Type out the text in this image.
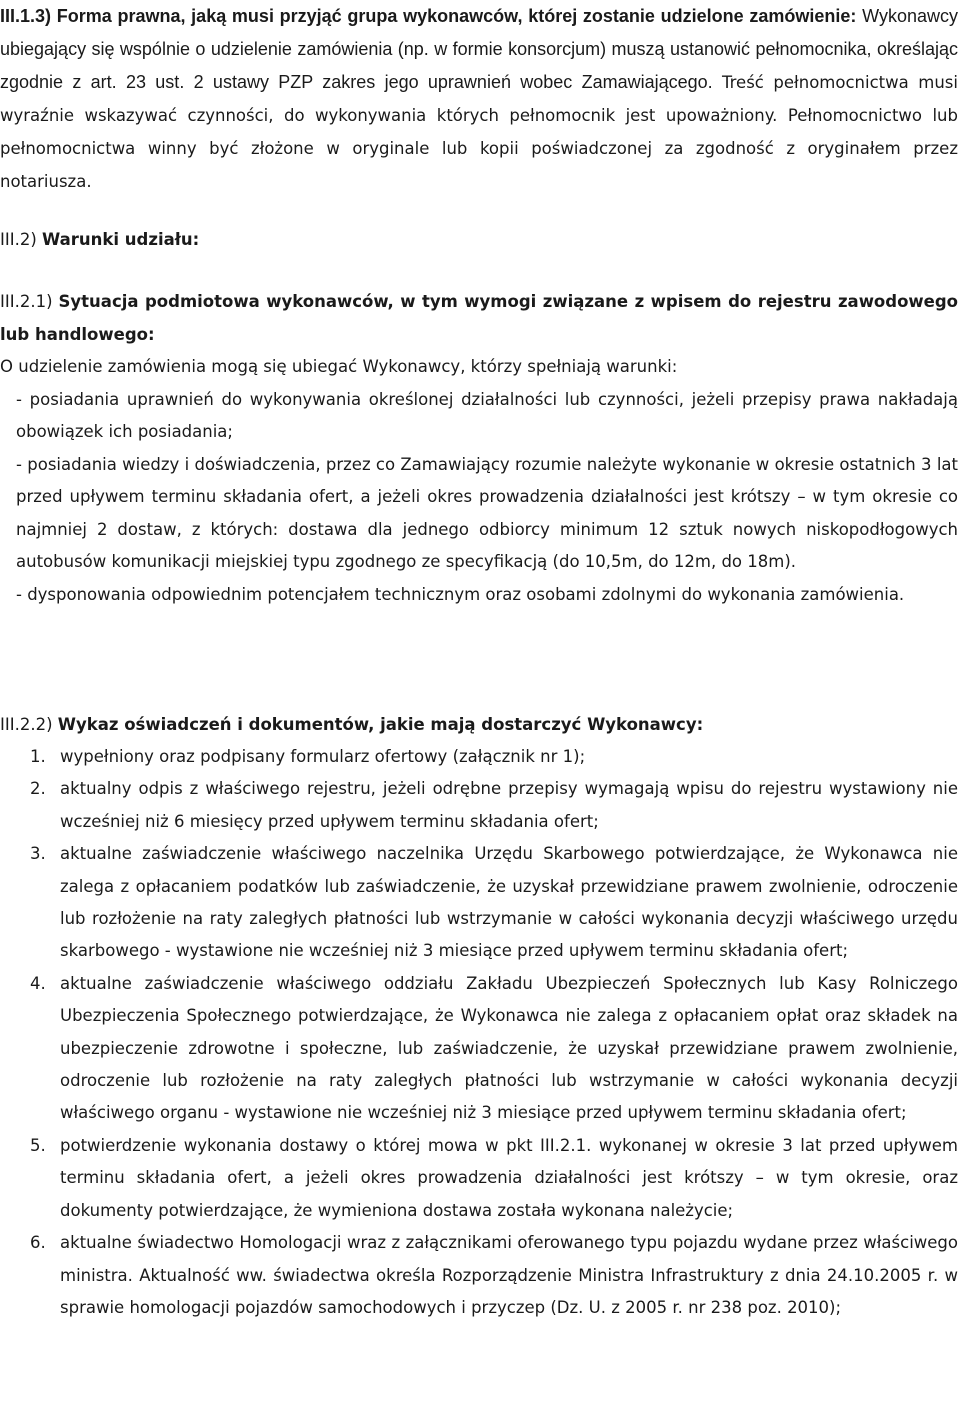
III.1.3) Forma prawna, jaką musi przyjąć grupa wykonawców, której zostanie udzielone zamówienie: Wykonawcy ubiegający się wspólnie o udzielenie zamówienia (np. w formie konsorcjum) muszą ustanowić pełnomocnika, określając zgodnie z art. 23 ust. 2 ustawy PZP zakres jego uprawnień wobec Zamawiającego. Treść pełnomocnictwa musi wyraźnie wskazywać czynności, do wykonywania których pełnomocnik jest upoważniony. Pełnomocnictwo lub pełnomocnictwa winny być złożone w oryginale lub kopii poświadczonej za zgodność z oryginałem przez notariusza.

III.2) Warunki udziału:

III.2.1) Sytuacja podmiotowa wykonawców, w tym wymogi związane z wpisem do rejestru zawodowego lub handlowego:

O udzielenie zamówienia mogą się ubiegać Wykonawcy, którzy spełniają warunki:

- posiadania uprawnień do wykonywania określonej działalności lub czynności, jeżeli przepisy prawa nakładają obowiązek ich posiadania;

- posiadania wiedzy i doświadczenia, przez co Zamawiający rozumie należyte wykonanie w okresie ostatnich 3 lat przed upływem terminu składania ofert, a jeżeli okres prowadzenia działalności jest krótszy – w tym okresie co najmniej 2 dostaw, z których: dostawa dla jednego odbiorcy minimum 12 sztuk nowych niskopodłogowych autobusów komunikacji miejskiej typu zgodnego ze specyfikacją (do 10,5m, do 12m, do 18m).

- dysponowania odpowiednim potencjałem technicznym oraz osobami zdolnymi do wykonania zamówienia.

III.2.2) Wykaz oświadczeń i dokumentów, jakie mają dostarczyć Wykonawcy:
1. wypełniony oraz podpisany formularz ofertowy (załącznik nr 1);
2. aktualny odpis z właściwego rejestru, jeżeli odrębne przepisy wymagają wpisu do rejestru wystawiony nie wcześniej niż 6 miesięcy przed upływem terminu składania ofert;
3. aktualne zaświadczenie właściwego naczelnika Urzędu Skarbowego potwierdzające, że Wykonawca nie zalega z opłacaniem podatków lub zaświadczenie, że uzyskał przewidziane prawem zwolnienie, odroczenie lub rozłożenie na raty zaległych płatności lub wstrzymanie w całości wykonania decyzji właściwego urzędu skarbowego - wystawione nie wcześniej niż 3 miesiące przed upływem terminu składania ofert;
4. aktualne zaświadczenie właściwego oddziału Zakładu Ubezpieczeń Społecznych lub Kasy Rolniczego Ubezpieczenia Społecznego potwierdzające, że Wykonawca nie zalega z opłacaniem opłat oraz składek na ubezpieczenie zdrowotne i społeczne, lub zaświadczenie, że uzyskał przewidziane prawem zwolnienie, odroczenie lub rozłożenie na raty zaległych płatności lub wstrzymanie w całości wykonania decyzji właściwego organu - wystawione nie wcześniej niż 3 miesiące przed upływem terminu składania ofert;
5. potwierdzenie wykonania dostawy o której mowa w pkt III.2.1. wykonanej w okresie 3 lat przed upływem terminu składania ofert, a jeżeli okres prowadzenia działalności jest krótszy – w tym okresie, oraz dokumenty potwierdzające, że wymieniona dostawa została wykonana należycie;
6. aktualne świadectwo Homologacji wraz z załącznikami oferowanego typu pojazdu wydane przez właściwego ministra. Aktualność ww. świadectwa określa Rozporządzenie Ministra Infrastruktury z dnia 24.10.2005 r. w sprawie homologacji pojazdów samochodowych i przyczep (Dz. U. z 2005 r. nr 238 poz. 2010);
